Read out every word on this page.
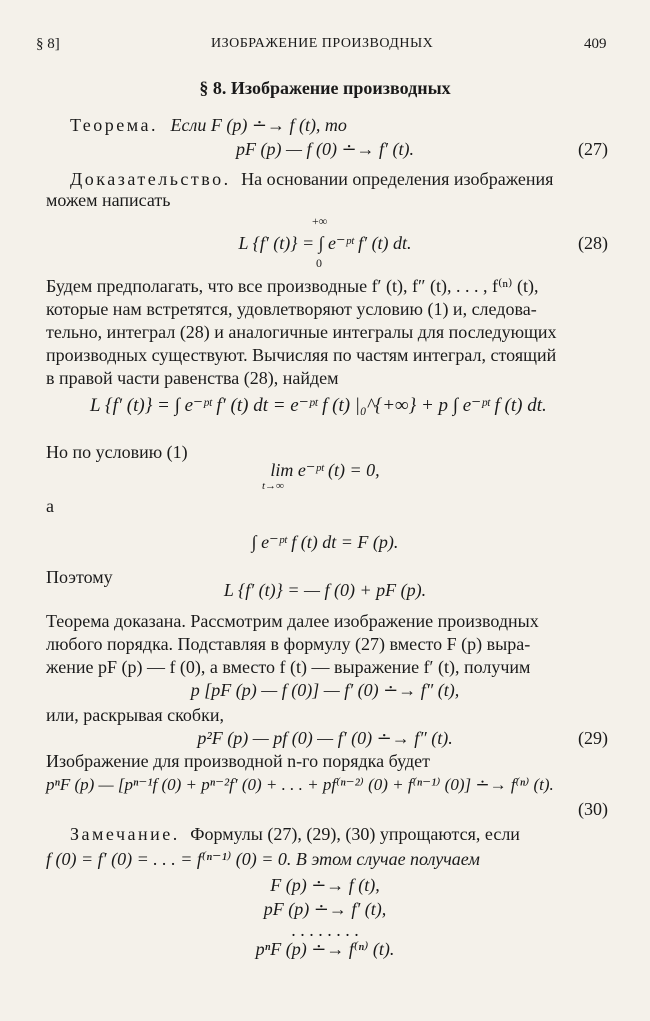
§ 8]	ИЗОБРАЖЕНИЕ ПРОИЗВОДНЫХ	409
§ 8. Изображение производных
Теорема. Если F (p) ∸→ f (t), то
pF (p) — f (0) ∸→ f′ (t).	(27)
Доказательство. На основании определения изображения
можем написать
+∞
0
L {f′ (t)} = ∫ e⁻ᵖᵗ f′ (t) dt.	(28)
Будем предполагать, что все производные f′ (t), f″ (t), . . . , f⁽ⁿ⁾ (t),
которые нам встретятся, удовлетворяют условию (1) и, следова-
тельно, интеграл (28) и аналогичные интегралы для последующих
производных существуют. Вычисляя по частям интеграл, стоящий
в правой части равенства (28), найдем
L {f′ (t)} = ∫ e⁻ᵖᵗ f′ (t) dt = e⁻ᵖᵗ f (t) |₀^{+∞} + p ∫ e⁻ᵖᵗ f (t) dt.
Но по условию (1)
lim e⁻ᵖᵗ (t) = 0,
t→∞
а
∫ e⁻ᵖᵗ f (t) dt = F (p).
Поэтому
L {f′ (t)} = — f (0) + pF (p).
Теорема доказана. Рассмотрим далее изображение производных
любого порядка. Подставляя в формулу (27) вместо F (p) выра-
жение pF (p) — f (0), а вместо f (t) — выражение f′ (t), получим
p [pF (p) — f (0)] — f′ (0) ∸→ f″ (t),
или, раскрывая скобки,
p²F (p) — pf (0) — f′ (0) ∸→ f″ (t).	(29)
Изображение для производной n-го порядка будет
pⁿF (p) — [pⁿ⁻¹f (0) + pⁿ⁻²f′ (0) + . . . + pf⁽ⁿ⁻²⁾ (0) + f⁽ⁿ⁻¹⁾ (0)] ∸→ f⁽ⁿ⁾ (t).
(30)
Замечание. Формулы (27), (29), (30) упрощаются, если
f (0) = f′ (0) = . . . = f⁽ⁿ⁻¹⁾ (0) = 0. В этом случае получаем
F (p) ∸→ f (t),
pF (p) ∸→ f′ (t),
. . . . . . . .
pⁿF (p) ∸→ f⁽ⁿ⁾ (t).
